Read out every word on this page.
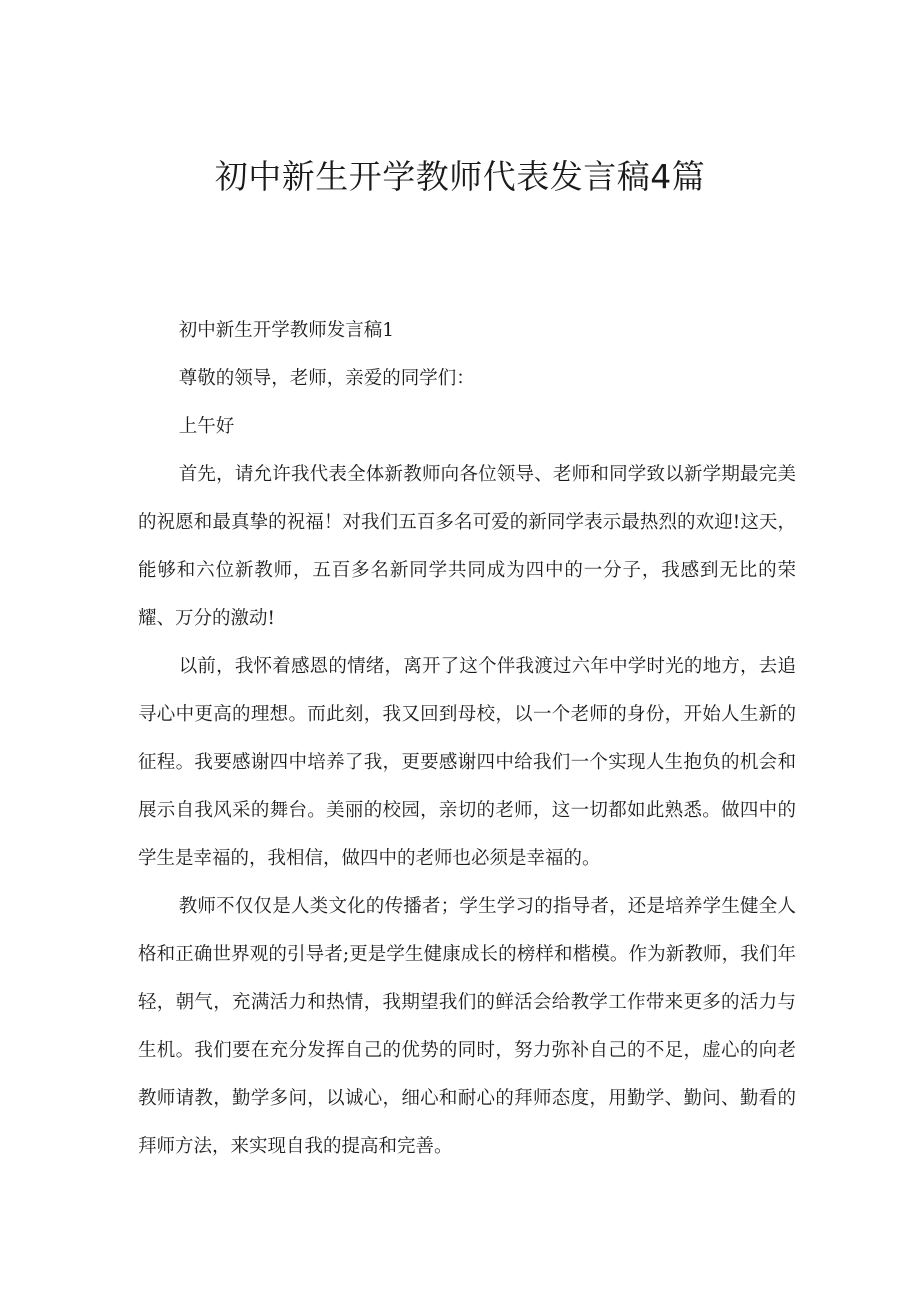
初中新生开学教师代表发言稿4篇

初中新生开学教师发言稿1

尊敬的领导，老师，亲爱的同学们：

上午好

首先，请允许我代表全体新教师向各位领导、老师和同学致以新学期最完美的祝愿和最真挚的祝福！对我们五百多名可爱的新同学表示最热烈的欢迎!这天，能够和六位新教师，五百多名新同学共同成为四中的一分子，我感到无比的荣耀、万分的激动!

以前，我怀着感恩的情绪，离开了这个伴我渡过六年中学时光的地方，去追寻心中更高的理想。而此刻，我又回到母校，以一个老师的身份，开始人生新的征程。我要感谢四中培养了我，更要感谢四中给我们一个实现人生抱负的机会和展示自我风采的舞台。美丽的校园，亲切的老师，这一切都如此熟悉。做四中的学生是幸福的，我相信，做四中的老师也必须是幸福的。

教师不仅仅是人类文化的传播者；学生学习的指导者，还是培养学生健全人格和正确世界观的引导者;更是学生健康成长的榜样和楷模。作为新教师，我们年轻，朝气，充满活力和热情，我期望我们的鲜活会给教学工作带来更多的活力与生机。我们要在充分发挥自己的优势的同时，努力弥补自己的不足，虚心的向老教师请教，勤学多问，以诚心，细心和耐心的拜师态度，用勤学、勤问、勤看的拜师方法，来实现自我的提高和完善。
